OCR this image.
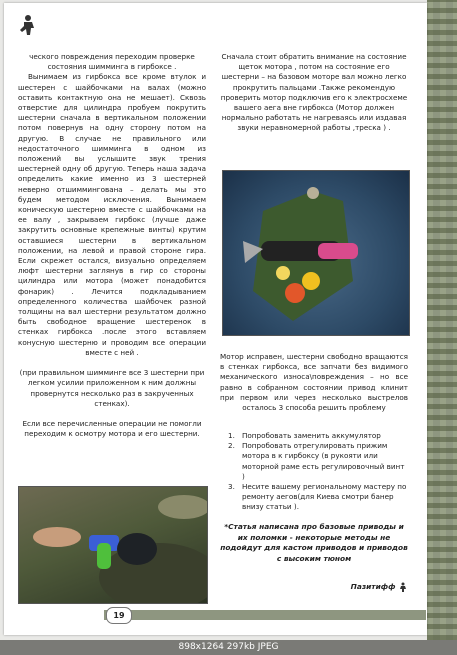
ческого повреждения переходим проверке состояния шимминга в гирбоксе .

Вынимаем из гирбокса все кроме втулок и шестерен с шайбочками на валах (можно оставить контактную она не мешает). Сквозь отверстие для цилиндра пробуем покрутить шестерни сначала в вертикальном положении потом повернув на одну сторону потом на другую. В случае не правильного или недостаточного шимминга в одном из положений вы услышите звук трения шестерней одну об другую. Теперь наша задача определить какие именно из 3 шестерней неверно отшиммингована – делать мы это будем методом исключения. Вынимаем коническую шестерню вместе с шайбочками на ее валу , закрываем гирбокс (лучше даже закрутить основные крепежные винты) крутим оставшиеся шестерни в вертикальном положении, на левой и правой стороне гира. Если скрежет остался, визуально определяем люфт шестерни заглянув в гир со стороны цилиндра или мотора (может понадобится фонарик) . Лечится подкладыванием определенного количества шайбочек разной толщины на вал шестерни результатом должно быть свободное вращение шестеренок в стенках гирбокса .после этого вставляем конусную шестерню и проводим все операции вместе с ней .

(при правильном шимминге все 3 шестерни при легком усилии приложенном к ним должны провернутся несколько раз в закрученных стенках).

Если все перечисленные операции не помогли переходим к осмотру мотора и его шестерни.

Сначала стоит обратить внимание на состояние щеток мотора , потом на состояние его шестерни – на базовом моторе вал можно легко прокрутить пальцами .Также рекомендую проверить мотор подключив его к электросхеме вашего аега вне гирбокса (Мотор должен нормально работать не нагреваясь или издавая звуки неравномерной работы ,треска ) .

Мотор исправен, шестерни свободно вращаются в стенках гирбокса, все запчати без видимого механического износа\повреждения – но все равно в собранном состоянии привод клинит при первом или через несколько выстрелов осталось 3 способа решить проблему

1. Попробовать заменить аккумулятор
2. Попробовать отрегулировать прижим мотора в к гирбоксу (в рукояти или моторной раме есть регулировочный винт )
3. Несите вашему региональному мастеру по ремонту аегов(для Киева смотри банер внизу статьи ).
*Статья написана про базовые приводы и их поломки - некоторые методы не подойдут для кастом приводов и приводов с высоким тюном
Пазитифф
19
898x1264 297kb JPEG
